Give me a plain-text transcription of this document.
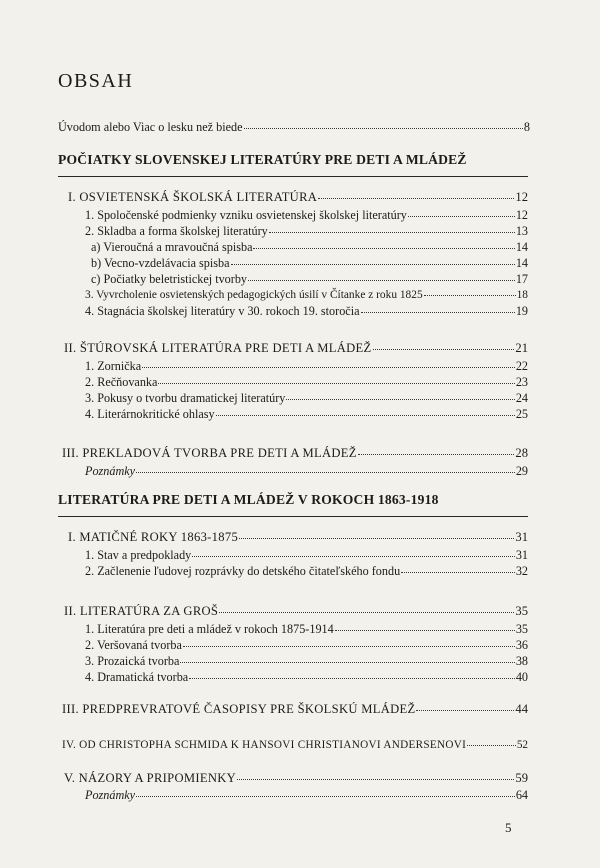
OBSAH
Úvodom alebo Viac o lesku než biede	8
POČIATKY SLOVENSKEJ LITERATÚRY PRE DETI A MLÁDEŽ
I. OSVIETENSKÁ ŠKOLSKÁ LITERATÚRA	12
1. Spoločenské podmienky vzniku osvietenskej školskej literatúry	12
2. Skladba a forma školskej literatúry	13
a) Vieroučná a mravoučná spisba	14
b) Vecno-vzdelávacia spisba	14
c) Počiatky beletristickej tvorby	17
3. Vyvrcholenie osvietenských pedagogických úsilí v Čítanke z roku 1825	18
4. Stagnácia školskej literatúry v 30. rokoch 19. storočia	19
II. ŠTÚROVSKÁ LITERATÚRA PRE DETI A MLÁDEŽ	21
1. Zornička	22
2. Rečňovanka	23
3. Pokusy o tvorbu dramatickej literatúry	24
4. Literárnokritické ohlasy	25
III. PREKLADOVÁ TVORBA PRE DETI A MLÁDEŽ	28
Poznámky	29
LITERATÚRA PRE DETI A MLÁDEŽ V ROKOCH 1863-1918
I. MATIČNÉ ROKY 1863-1875	31
1. Stav a predpoklady	31
2. Začlenenie ľudovej rozprávky do detského čitateľského fondu	32
II. LITERATÚRA ZA GROŠ	35
1. Literatúra pre deti a mládež v rokoch 1875-1914	35
2. Veršovaná tvorba	36
3. Prozaická tvorba	38
4. Dramatická tvorba	40
III. PREDPREVRATOVÉ ČASOPISY PRE ŠKOLSKÚ MLÁDEŽ	44
IV. OD CHRISTOPHA SCHMIDA K HANSOVI CHRISTIANOVI ANDERSENOVI	52
V. NÁZORY A PRIPOMIENKY	59
Poznámky	64
5
